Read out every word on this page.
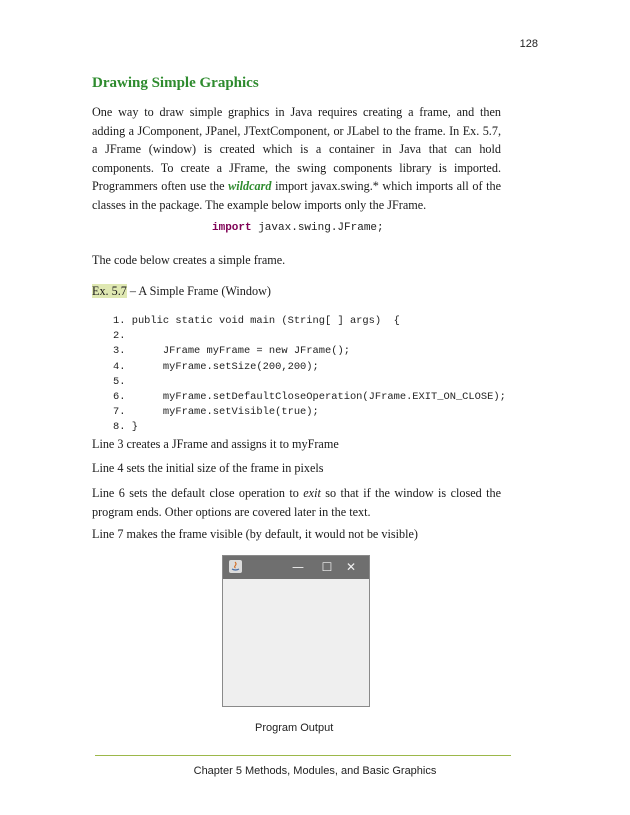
128
Drawing Simple Graphics
One way to draw simple graphics in Java requires creating a frame, and then adding a JComponent, JPanel, JTextComponent, or JLabel to the frame. In Ex. 5.7, a JFrame (window) is created which is a container in Java that can hold components. To create a JFrame, the swing components library is imported. Programmers often use the wildcard import javax.swing.* which imports all of the classes in the package. The example below imports only the JFrame.
import javax.swing.JFrame;
The code below creates a simple frame.
Ex. 5.7 – A Simple Frame (Window)
1. public static void main (String[ ] args)  {
2.
3.      JFrame myFrame = new JFrame();
4.      myFrame.setSize(200,200);
5.
6.      myFrame.setDefaultCloseOperation(JFrame.EXIT_ON_CLOSE);
7.      myFrame.setVisible(true);
8. }
Line 3 creates a JFrame and assigns it to myFrame
Line 4 sets the initial size of the frame in pixels
Line 6 sets the default close operation to exit so that if the window is closed the program ends. Other options are covered later in the text.
Line 7 makes the frame visible (by default, it would not be visible)
—	☐	✕
Program Output
Chapter 5 Methods, Modules, and Basic Graphics
